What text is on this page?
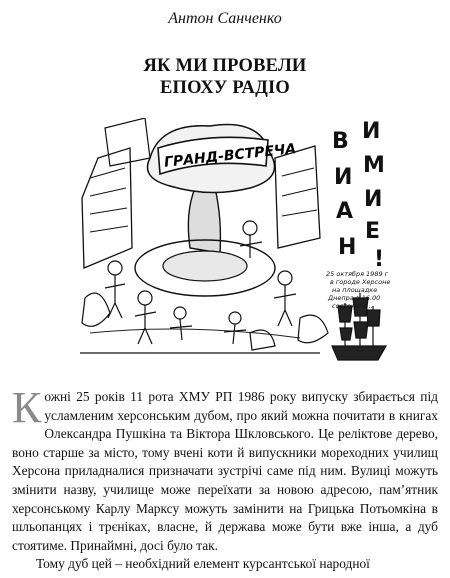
Антон Санченко
ЯК МИ ПРОВЕЛИ
ЕПОХУ РАДІО
ГРАНД-ВСТРЕЧА В
И
А
Н
И
М
И
Е
!
25 октября 1989 г
в городе Херсоне
на площадке
Днепра в 16.00
состоится...

Кожні 25 років 11 рота ХМУ РП 1986 року випуску збирається під усламленим херсонським дубом, про який можна почитати в книгах Олександра Пушкіна та Віктора Шкловського. Це реліктове дерево, воно старше за місто, тому вчені коти й випускники мореходних училищ Херсона приладналися призначати зустрічі саме під ним. Вулиці можуть змінити назву, училище може переїхати за новою адресою, пам’ятник херсонському Карлу Марксу можуть замінити на Грицька Потьомкіна в шльопанцях і трєніках, власне, й держава може бути вже інша, а дуб стоятиме. Принаймні, досі було так.

Тому дуб цей – необхідний елемент курсантської народної
